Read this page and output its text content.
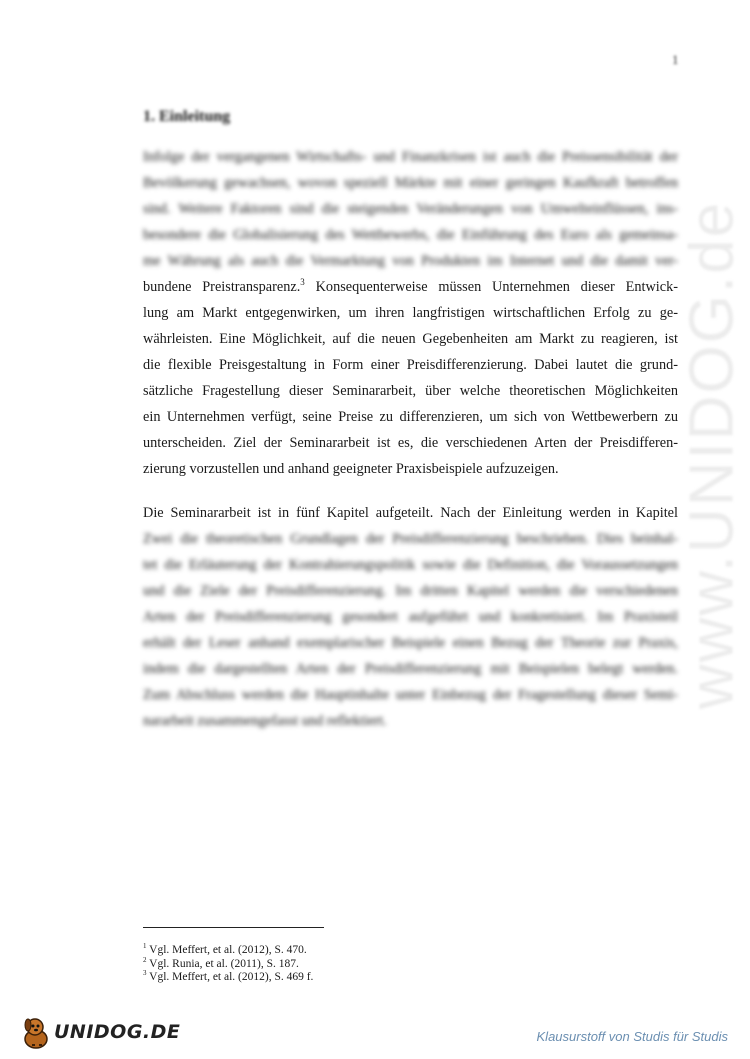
1
www.UNIDOG.de
1. Einleitung
Infolge der vergangenen Wirtschafts- und Finanzkrisen ist auch die Preissensibilität der
Bevölkerung gewachsen, wovon speziell Märkte mit einer geringen Kaufkraft betroffen
sind. Weitere Faktoren sind die steigenden Veränderungen von Umwelteinflüssen, ins-
besondere die Globalisierung des Wettbewerbs, die Einführung des Euro als gemeinsa-
me Währung als auch die Vermarktung von Produkten im Internet und die damit ver-
bundene Preistransparenz.$^3$ Konsequenterweise müssen Unternehmen dieser Entwick-
lung am Markt entgegenwirken, um ihren langfristigen wirtschaftlichen Erfolg zu ge-
währleisten. Eine Möglichkeit, auf die neuen Gegebenheiten am Markt zu reagieren, ist
die flexible Preisgestaltung in Form einer Preisdifferenzierung. Dabei lautet die grund-
sätzliche Fragestellung dieser Seminararbeit, über welche theoretischen Möglichkeiten
ein Unternehmen verfügt, seine Preise zu differenzieren, um sich von Wettbewerbern zu
unterscheiden. Ziel der Seminararbeit ist es, die verschiedenen Arten der Preisdifferen-
zierung vorzustellen und anhand geeigneter Praxisbeispiele aufzuzeigen.
Die Seminararbeit ist in fünf Kapitel aufgeteilt. Nach der Einleitung werden in Kapitel
Zwei die theoretischen Grundlagen der Preisdifferenzierung beschrieben. Dies beinhal-
tet die Erläuterung der Kontrahierungspolitik sowie die Definition, die Voraussetzungen
und die Ziele der Preisdifferenzierung. Im dritten Kapitel werden die verschiedenen
Arten der Preisdifferenzierung gesondert aufgeführt und konkretisiert. Im Praxisteil
erhält der Leser anhand exemplarischer Beispiele einen Bezug der Theorie zur Praxis,
indem die dargestellten Arten der Preisdifferenzierung mit Beispielen belegt werden.
Zum Abschluss werden die Hauptinhalte unter Einbezug der Fragestellung dieser Semi-
nararbeit zusammengefasst und reflektiert.
$^1$ Vgl. Meffert, et al. (2012), S. 470.
$^2$ Vgl. Runia, et al. (2011), S. 187.
$^3$ Vgl. Meffert, et al. (2012), S. 469 f.
UNIDOG.DE	Klausurstoff von Studis für Studis
